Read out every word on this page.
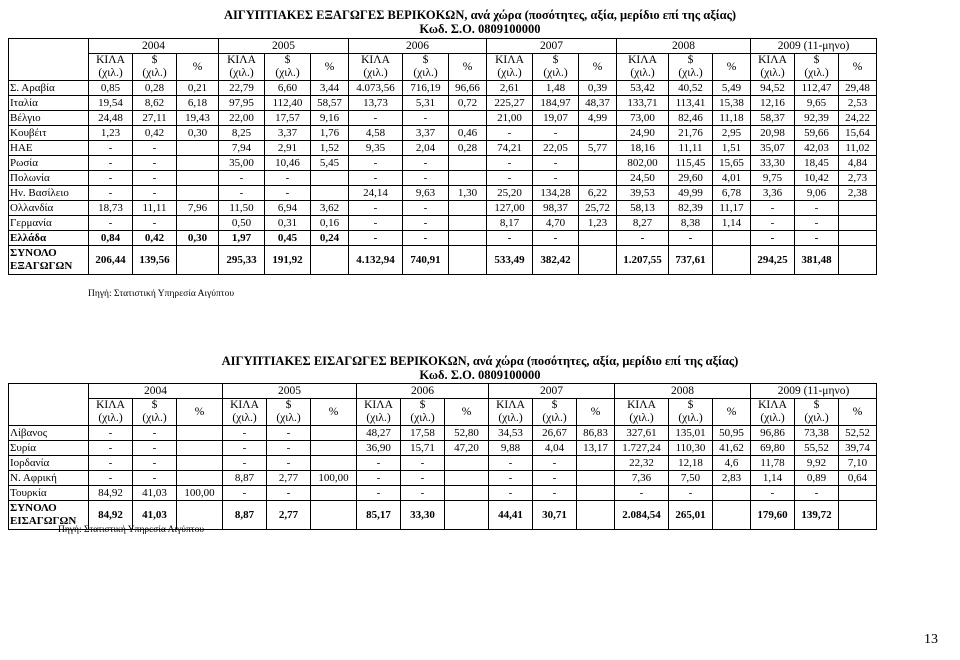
ΑΙΓΥΠΤΙΑΚΕΣ ΕΞΑΓΩΓΕΣ ΒΕΡΙΚΟΚΩΝ, ανά χώρα (ποσότητες, αξία, μερίδιο επί της αξίας)
Κωδ. Σ.Ο. 0809100000
	2004			2005			2006			2007			2008			2009 (11-μηνο)		
	ΚΙΛΑ
(χιλ.)	$
(χιλ.)	%	ΚΙΛΑ
(χιλ.)	$
(χιλ.)	%	ΚΙΛΑ
(χιλ.)	$
(χιλ.)	%	ΚΙΛΑ
(χιλ.)	$
(χιλ.)	%	ΚΙΛΑ
(χιλ.)	$
(χιλ.)	%	ΚΙΛΑ
(χιλ.)	$
(χιλ.)	%
Σ. Αραβία	0,85	0,28	0,21	22,79	6,60	3,44	4.073,56	716,19	96,66	2,61	1,48	0,39	53,42	40,52	5,49	94,52	112,47	29,48
Ιταλία	19,54	8,62	6,18	97,95	112,40	58,57	13,73	5,31	0,72	225,27	184,97	48,37	133,71	113,41	15,38	12,16	9,65	2,53
Βέλγιο	24,48	27,11	19,43	22,00	17,57	9,16	-	-		21,00	19,07	4,99	73,00	82,46	11,18	58,37	92,39	24,22
Κουβέιτ	1,23	0,42	0,30	8,25	3,37	1,76	4,58	3,37	0,46	-	-		24,90	21,76	2,95	20,98	59,66	15,64
ΗΑΕ	-	-		7,94	2,91	1,52	9,35	2,04	0,28	74,21	22,05	5,77	18,16	11,11	1,51	35,07	42,03	11,02
Ρωσία	-	-		35,00	10,46	5,45	-	-		-	-		802,00	115,45	15,65	33,30	18,45	4,84
Πολωνία	-	-		-	-		-	-		-	-		24,50	29,60	4,01	9,75	10,42	2,73
Ην. Βασίλειο	-	-		-	-		24,14	9,63	1,30	25,20	134,28	6,22	39,53	49,99	6,78	3,36	9,06	2,38
Ολλανδία	18,73	11,11	7,96	11,50	6,94	3,62	-	-		127,00	98,37	25,72	58,13	82,39	11,17	-	-	
Γερμανία	-	-		0,50	0,31	0,16	-	-		8,17	4,70	1,23	8,27	8,38	1,14	-	-	
Ελλάδα	0,84	0,42	0,30	1,97	0,45	0,24	-	-		-	-		-	-		-	-	
ΣΥΝΟΛΟ ΕΞΑΓΩΓΩΝ	206,44	139,56		295,33	191,92		4.132,94	740,91		533,49	382,42		1.207,55	737,61		294,25	381,48	
Πηγή: Στατιστική Υπηρεσία Αιγύπτου
ΑΙΓΥΠΤΙΑΚΕΣ ΕΙΣΑΓΩΓΕΣ ΒΕΡΙΚΟΚΩΝ, ανά χώρα (ποσότητες, αξία, μερίδιο επί της αξίας)
Κωδ. Σ.Ο. 0809100000
	2004			2005			2006			2007			2008			2009 (11-μηνο)		
	ΚΙΛΑ
(χιλ.)	$
(χιλ.)	%	ΚΙΛΑ
(χιλ.)	$
(χιλ.)	%	ΚΙΛΑ
(χιλ.)	$
(χιλ.)	%	ΚΙΛΑ
(χιλ.)	$
(χιλ.)	%	ΚΙΛΑ
(χιλ.)	$
(χιλ.)	%	ΚΙΛΑ
(χιλ.)	$
(χιλ.)	%
Λίβανος	-	-		-	-		48,27	17,58	52,80	34,53	26,67	86,83	327,61	135,01	50,95	96,86	73,38	52,52
Συρία	-	-		-	-		36,90	15,71	47,20	9,88	4,04	13,17	1.727,24	110,30	41,62	69,80	55,52	39,74
Ιορδανία	-	-		-	-		-	-		-	-		22,32	12,18	4,6	11,78	9,92	7,10
Ν. Αφρική	-	-		8,87	2,77	100,00	-	-		-	-		7,36	7,50	2,83	1,14	0,89	0,64
Τουρκία	84,92	41,03	100,00	-	-		-	-		-	-		-	-		-	-	
ΣΥΝΟΛΟ ΕΙΣΑΓΩΓΩΝ	84,92	41,03		8,87	2,77		85,17	33,30		44,41	30,71		2.084,54	265,01		179,60	139,72	
Πηγή: Στατιστική Υπηρεσία Αιγύπτου
13
